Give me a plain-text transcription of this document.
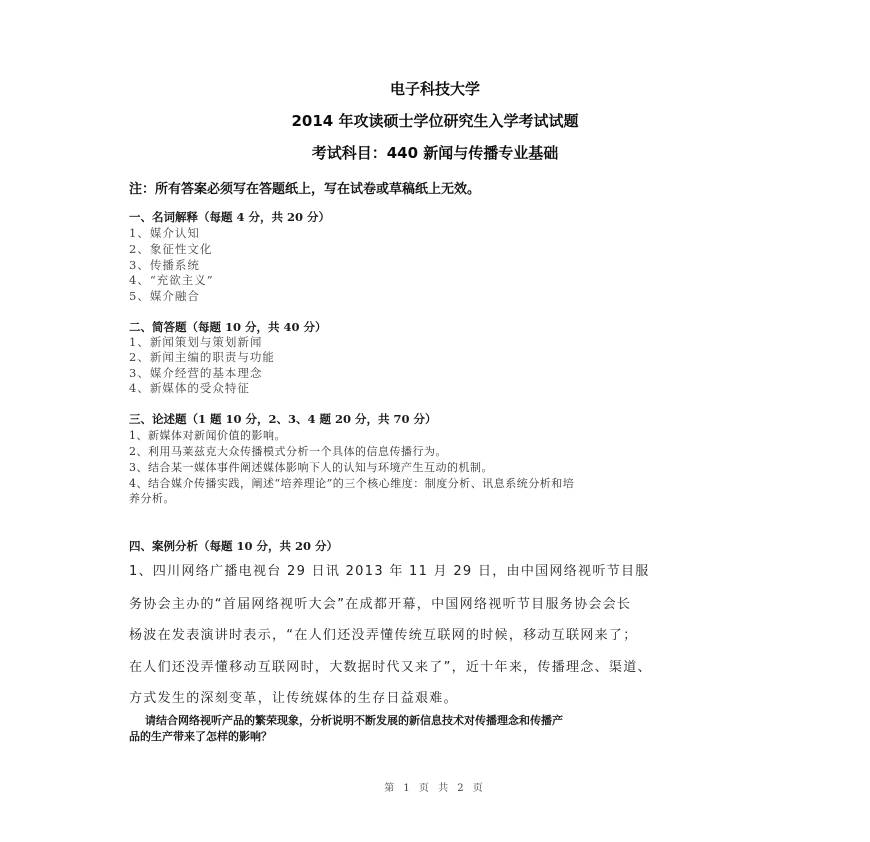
电子科技大学
2014 年攻读硕士学位研究生入学考试试题
考试科目：440 新闻与传播专业基础
注：所有答案必须写在答题纸上，写在试卷或草稿纸上无效。
一、名词解释（每题 4 分，共 20 分）
1、媒介认知
2、象征性文化
3、传播系统
4、“充欲主义”
5、媒介融合
二、简答题（每题 10 分，共 40 分）
1、新闻策划与策划新闻
2、新闻主编的职责与功能
3、媒介经营的基本理念
4、新媒体的受众特征
三、论述题（1 题 10 分，2、3、4 题 20 分，共 70 分）
1、新媒体对新闻价值的影响。
2、利用马莱兹克大众传播模式分析一个具体的信息传播行为。
3、结合某一媒体事件阐述媒体影响下人的认知与环境产生互动的机制。
4、结合媒介传播实践，阐述“培养理论”的三个核心维度：制度分析、讯息系统分析和培
养分析。
四、案例分析（每题 10 分，共 20 分）
1、四川网络广播电视台 29 日讯 2013 年 11 月 29 日，由中国网络视听节目服
务协会主办的“首届网络视听大会”在成都开幕，中国网络视听节目服务协会会长
杨波在发表演讲时表示，“在人们还没弄懂传统互联网的时候，移动互联网来了；
在人们还没弄懂移动互联网时，大数据时代又来了”，近十年来，传播理念、渠道、
方式发生的深刻变革，让传统媒体的生存日益艰难。
请结合网络视听产品的繁荣现象，分析说明不断发展的新信息技术对传播理念和传播产
品的生产带来了怎样的影响？
第 1 页 共 2 页
